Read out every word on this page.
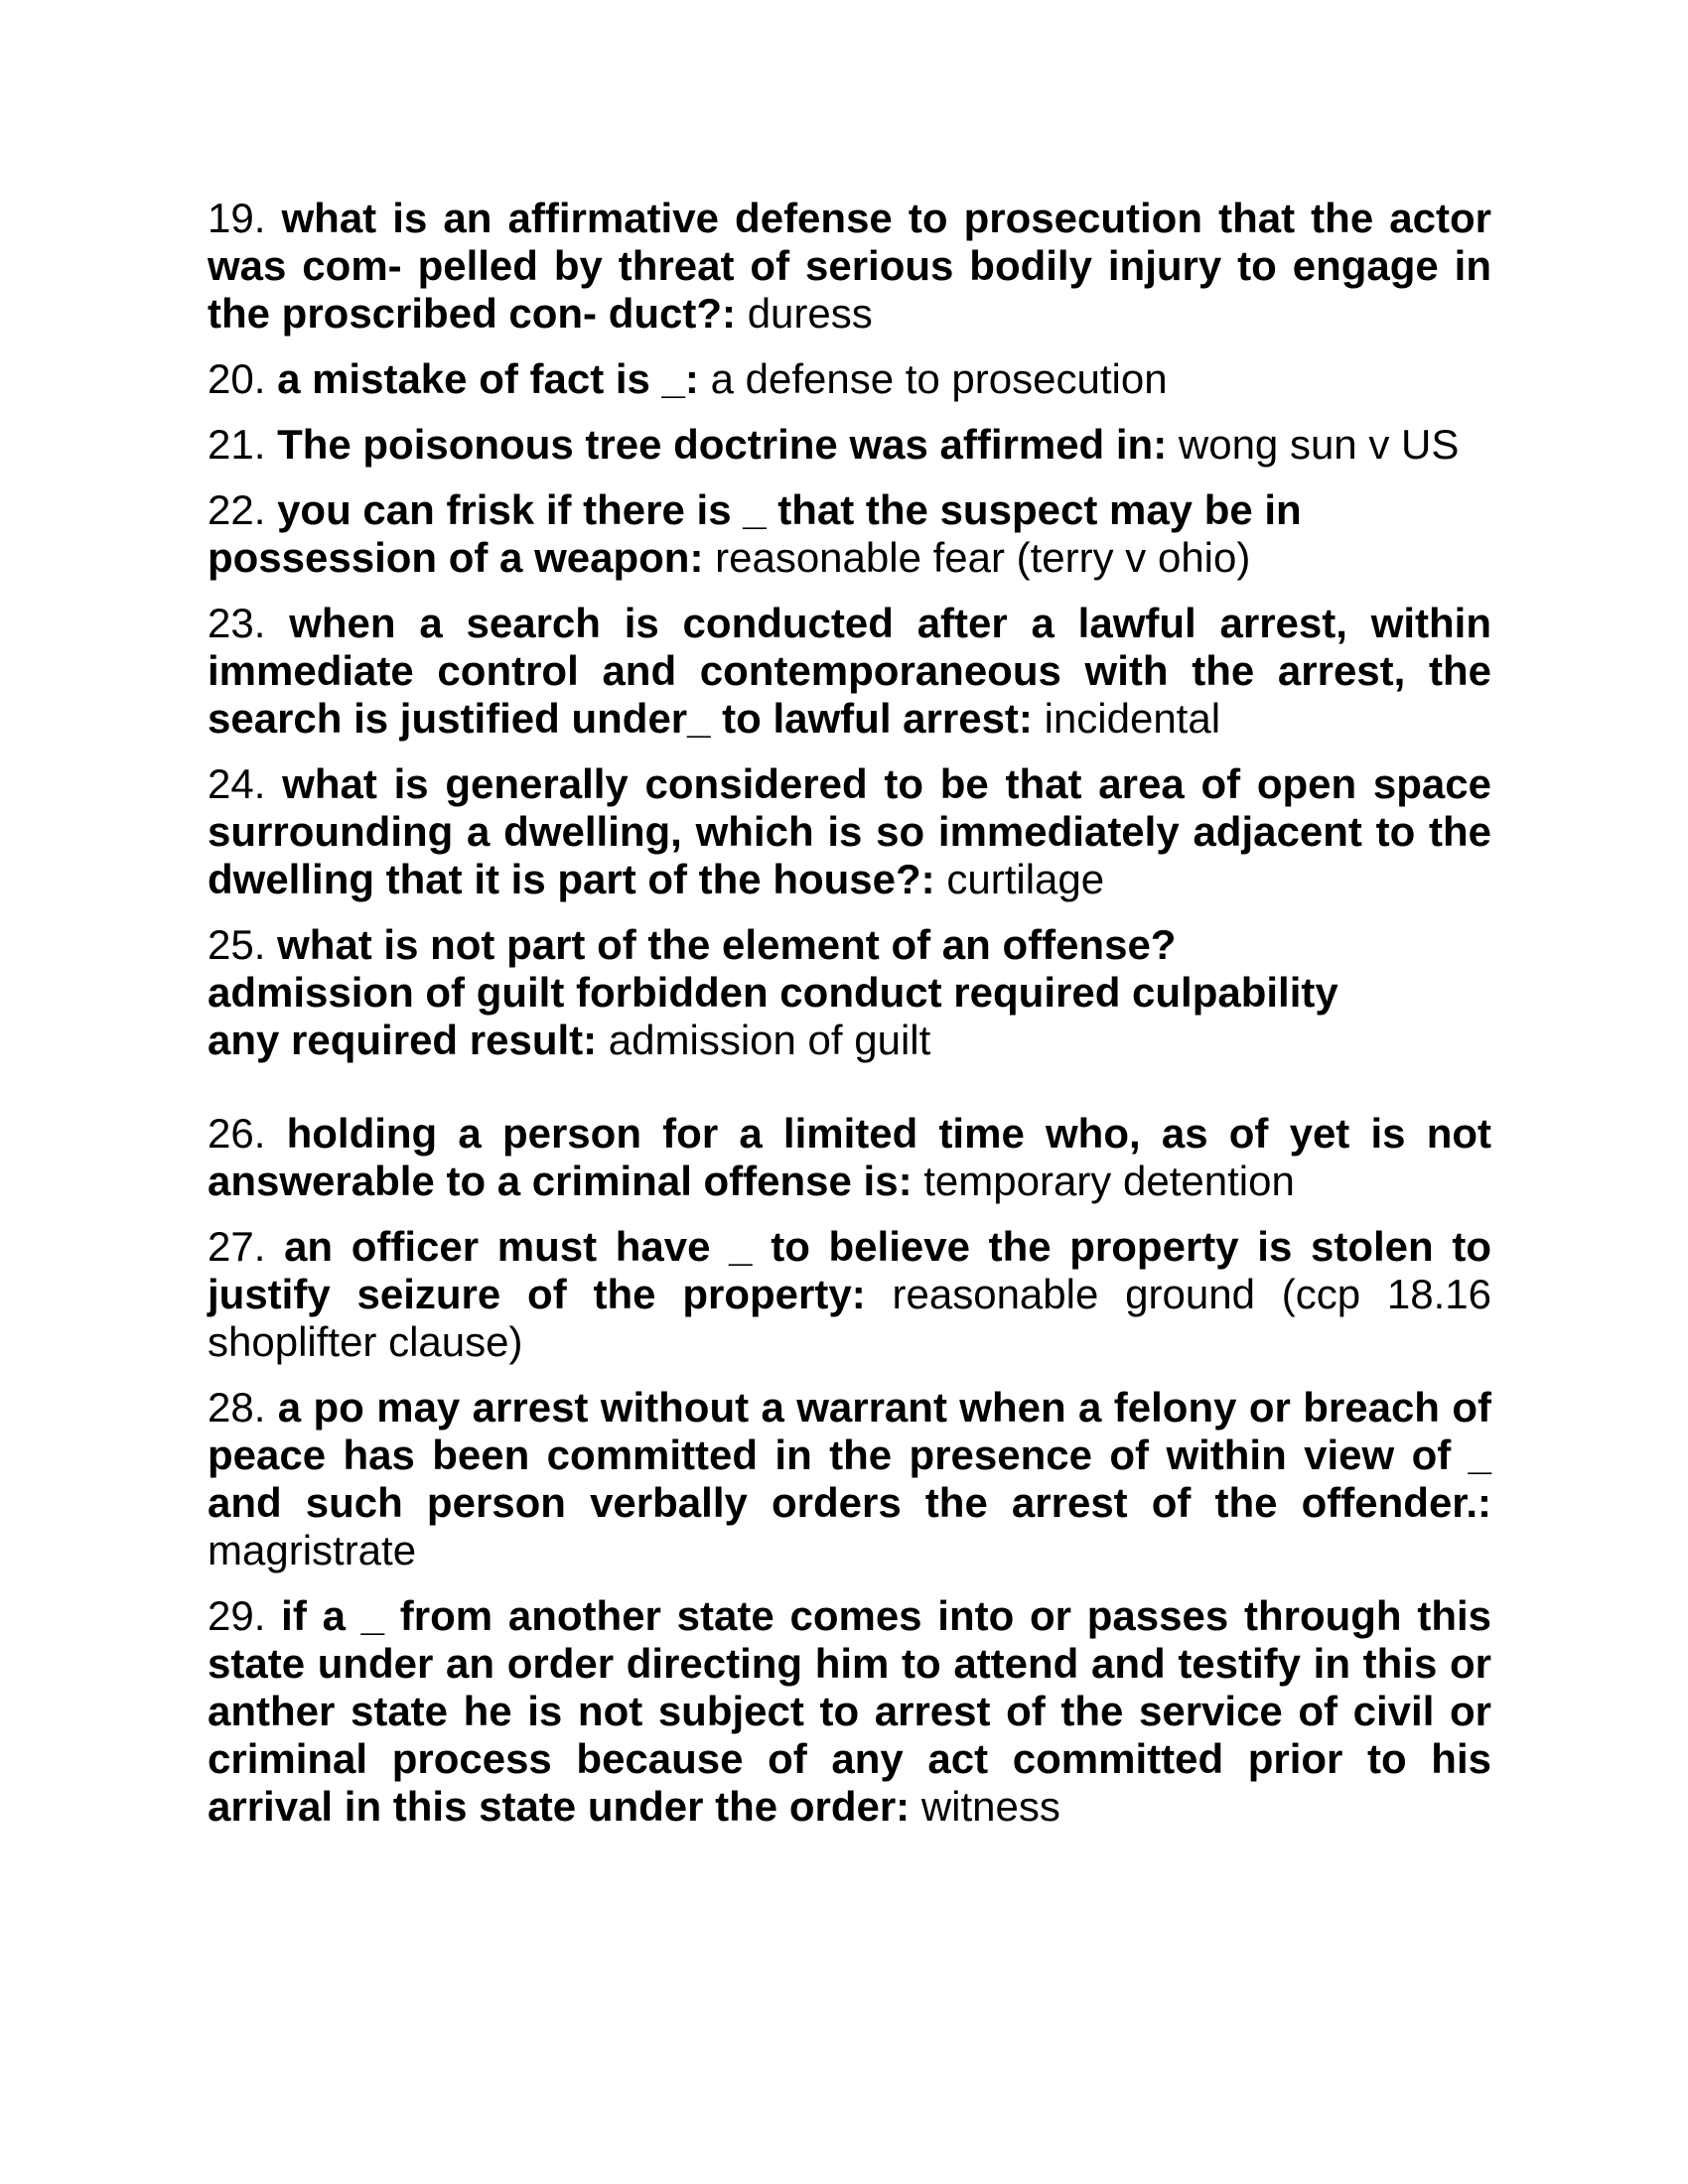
19. what is an affirmative defense to prosecution that the actor was com- pelled by threat of serious bodily injury to engage in the proscribed con- duct?: duress

20. a mistake of fact is _: a defense to prosecution

21. The poisonous tree doctrine was affirmed in: wong sun v US

22. you can frisk if there is _ that the suspect may be in
possession of a weapon: reasonable fear (terry v ohio)

23. when a search is conducted after a lawful arrest, within immediate control and contemporaneous with the arrest, the search is justified under_ to lawful arrest: incidental

24. what is generally considered to be that area of open space surrounding a dwelling, which is so immediately adjacent to the dwelling that it is part of the house?: curtilage

25. what is not part of the element of an offense?
admission of guilt forbidden conduct required culpability
any required result: admission of guilt

26. holding a person for a limited time who, as of yet is not answerable to a criminal offense is: temporary detention

27. an officer must have _ to believe the property is stolen to justify seizure of the property: reasonable ground (ccp 18.16 shoplifter clause)

28. a po may arrest without a warrant when a felony or breach of peace has been committed in the presence of within view of _ and such person verbally orders the arrest of the offender.: magristrate

29. if a _ from another state comes into or passes through this state under an order directing him to attend and testify in this or anther state he is not subject to arrest of the service of civil or criminal process because of any act committed prior to his arrival in this state under the order: witness
